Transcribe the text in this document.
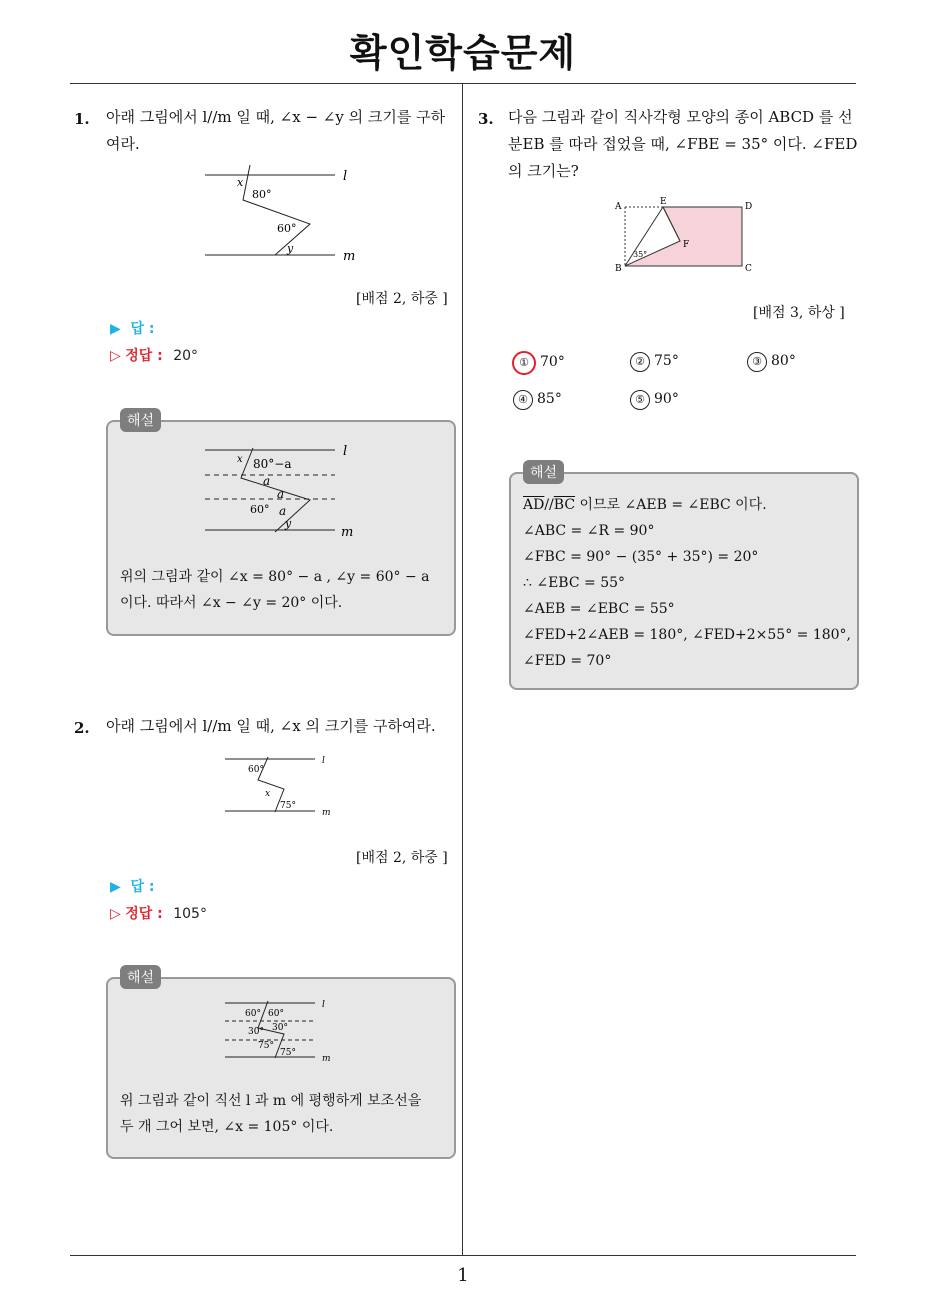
확인학습문제
1. 아래 그림에서 l//m 일 때, ∠x − ∠y 의 크기를 구하
여라.
l
m
x
80°
60°
y
[배점 2, 하중 ]
▶ 답 :
▷ 정답 : 20°
해설
l
m
x 80°−a
a
a
a
60°
y
위의 그림과 같이 ∠x = 80° − a , ∠y = 60° − a
이다. 따라서 ∠x − ∠y = 20° 이다.
2. 아래 그림에서 l//m 일 때, ∠x 의 크기를 구하여라.
l
m
60°
x
75°
[배점 2, 하중 ]
▶ 답 :
▷ 정답 : 105°
해설
l
m
60° 60°
30° 30°
75°
75°
위 그림과 같이 직선 l 과 m 에 평행하게 보조선을
두 개 그어 보면, ∠x = 105° 이다.
3. 다음 그림과 같이 직사각형 모양의 종이 ABCD 를 선
분EB 를 따라 접었을 때, ∠FBE = 35° 이다. ∠FED
의 크기는?
A	E	D
B	C
F
35°
[배점 3, 하상 ]
① 70°	② 75°	③ 80°
④ 85°	⑤ 90°
해설
$\overline{AD}//\overline{BC}$ 이므로 ∠AEB = ∠EBC 이다.
∠ABC = ∠R = 90°
∠FBC = 90° − (35° + 35°) = 20°
∴ ∠EBC = 55°
∠AEB = ∠EBC = 55°
∠FED+2∠AEB = 180°, ∠FED+2×55° = 180°,
∠FED = 70°
1
